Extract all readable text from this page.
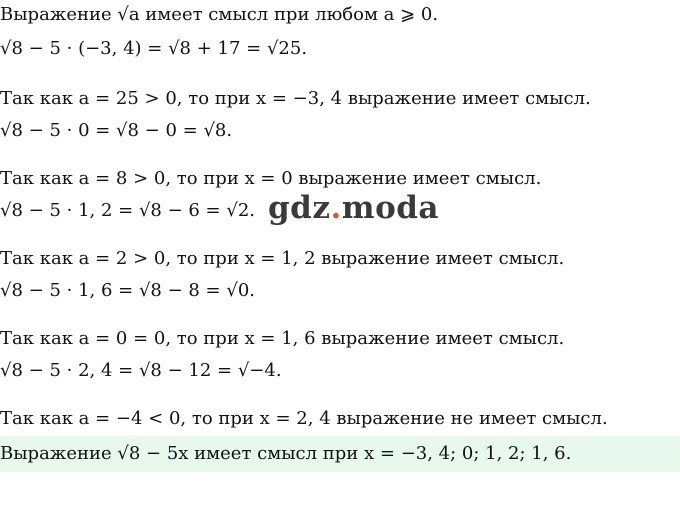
Выражение √a имеет смысл при любом a ⩾ 0.
√8 − 5 · (−3, 4) = √8 + 17 = √25.
Так как a = 25 > 0, то при x = −3, 4 выражение имеет смысл.
√8 − 5 · 0 = √8 − 0 = √8.
Так как a = 8 > 0, то при x = 0 выражение имеет смысл.
√8 − 5 · 1, 2 = √8 − 6 = √2.
Так как a = 2 > 0, то при x = 1, 2 выражение имеет смысл.
√8 − 5 · 1, 6 = √8 − 8 = √0.
Так как a = 0 = 0, то при x = 1, 6 выражение имеет смысл.
√8 − 5 · 2, 4 = √8 − 12 = √−4.
Так как a = −4 < 0, то при x = 2, 4 выражение не имеет смысл.
Выражение √8 − 5x имеет смысл при x = −3, 4; 0; 1, 2; 1, 6.
gdz.moda
